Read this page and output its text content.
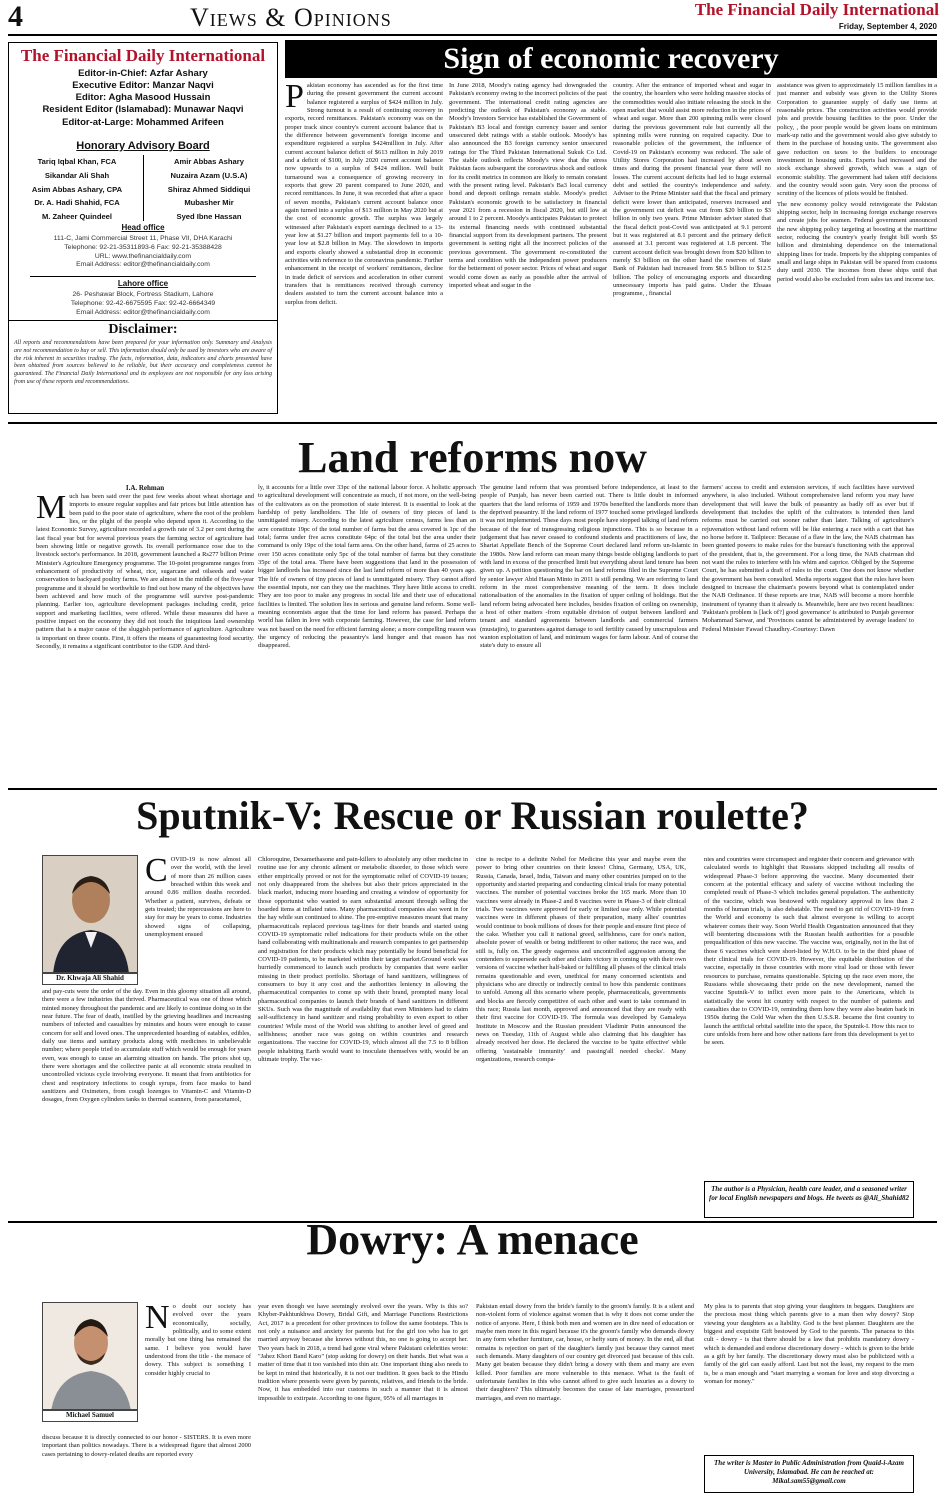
4	Views & Opinions	The Financial Daily International
Friday, September 4, 2020
The Financial Daily International
Editor-in-Chief: Azfar Ashary
Executive Editor: Manzar Naqvi
Editor: Agha Masood Hussain
Resident Editor (Islamabad): Munawar Naqvi
Editor-at-Large: Mohammed Arifeen
Honorary Advisory Board
Tariq Iqbal Khan, FCA
Sikandar Ali Shah
Asim Abbas Ashary, CPA
Dr. A. Hadi Shahid, FCA
M. Zaheer Quindeel
Amir Abbas Ashary
Nuzaira Azam (U.S.A)
Shiraz Ahmed Siddiqui
Mubasher Mir
Syed Ibne Hassan
Head office
111-C, Jami Commercial Street 11, Phase VII, DHA Karachi
Telephone: 92-21-35311893-6 Fax: 92-21-35388428
URL: www.thefinancialdaily.com
Email Address: editor@thefinancialdaily.com
Lahore office
26- Peshawar Block, Fortress Stadium, Lahore
Telephone: 92-42-6675595 Fax: 92-42-6664349
Email Address: editor@thefinancialdaily.com
Disclaimer:
All reports and recommendations have been prepared for your information only. Summary and Analysis are not recommendation to buy or sell. This information should only be used by investors who are aware of the risk inherent in securities trading. The facts, information, data, indicators and charts presented have been obtained from sources believed to be reliable, but their accuracy and completeness cannot be guaranteed. The Financial Daily International and its employees are not responsible for any loss arising from use of these reports and recommendations.
Sign of economic recovery
Pakistan economy has ascended as for the first time during the present government the current account balance registered a surplus of $424 million in July. Strong turnout is a result of continuing recovery in exports, record remittances. Pakistan's economy was on the proper track since country's current account balance that is the difference between government's foreign income and expenditure registered a surplus $424million in July. After current account balance deficit of $613 million in July 2019 and a deficit of $100, in July 2020 current account balance now upwards to a surplus of $424 million. Well built turnaround was a consequence of growing recovery in exports that grew 20 parent compared to June 2020, and record remittances. In June, it was recorded that after a space of seven months, Pakistan's current account balance once again turned into a surplus of $13 million in May 2020 but at the cost of economic growth. The surplus was largely witnessed after Pakistan's export earnings declined to a 13-year low at $1.27 billion and import payments fell to a 10-year low at $2.8 billion in May. The slowdown in imports and exports clearly showed a substantial drop in economic activities with reference to the coronavirus pandemic. Further enhancement in the receipt of workers' remittances, decline in trade deficit of services and acceleration in other current transfers that is remittances received through currency dealers assisted to turn the current account balance into a surplus from deficit.
In June 2018, Moody's rating agency had downgraded the Pakistan's economy owing to the incorrect policies of the past government. The international credit rating agencies are predicting the outlook of Pakistan's economy as stable. Moody's Investors Service has established the Government of Pakistan's B3 local and foreign currency issuer and senior unsecured debt ratings with a stable outlook. Moody's has also announced the B3 foreign currency senior unsecured ratings for The Third Pakistan International Sukuk Co Ltd. The stable outlook reflects Moody's view that the stress Pakistan faces subsequent the coronavirus shock and outlook for its credit metrics in common are likely to remain constant with the present rating level. Pakistan's Ba3 local currency bond and deposit ceilings remain stable. Moody's predict Pakistan's economic growth to be satisfactory in financial year 2021 from a recession in fiscal 2020, but still low at around 1 to 2 percent. Moody's anticipates Pakistan to protect its external financing needs with continued substantial financial support from its development partners. The present government is setting right all the incorrect policies of the previous government. The government re-constituted the terms and condition with the independent power producers for the betterment of power sector. Prices of wheat and sugar would come down as early as possible after the arrival of imported wheat and sugar in the
country. After the entrance of imported wheat and sugar in the country, the hoarders who were holding massive stocks of the commodities would also initiate releasing the stock in the open market that would assist more reduction in the prices of wheat and sugar. More than 200 spinning mills were closed during the previous government rule but currently all the spinning mills were running on required capacity. Due to reasonable policies of the government, the influence of Covid-19 on Pakistan's economy was reduced. The sale of Utility Stores Corporation had increased by about seven times and during the present financial year there will no losses. The current account deficits had led to huge external debt and settled the country's independence and safety. Adviser to the Prime Minister said that the fiscal and primary deficit were lower than anticipated, reserves increased and the government cut deficit was cut from $20 billion to $3 billion in only two years. Prime Minister adviser stated that the fiscal deficit post-Covid was anticipated at 9.1 percent but it was registered at 8.1 percent and the primary deficit assessed at 3.1 percent was registered at 1.8 percent. The current account deficit was brought down from $20 billion to merely $3 billion on the other hand the reserves of State Bank of Pakistan had increased from $8.5 billion to $12.5 billion. The policy of encouraging exports and discarding unnecessary imports has paid gains. Under the Ehsaas programme, , financial

assistance was given to approximately 15 million families in a just manner and subsidy was given to the Utility Stores Corporation to guarantee supply of daily use items at reasonable prices. The construction activities would provide jobs and provide housing facilities to the poor. Under the policy, , the poor people would be given loans on minimum mark-up ratio and the government would also give subsidy to them in the purchase of housing units. The government also gave reduction on taxes to the builders to encourage investment in housing units. Experts had increased and the stock exchange showed growth, which was a sign of economic stability. The government had taken stiff decisions and the country would soon gain. Very soon the process of scrutiny of the licences of pilots would be finished.

The new economy policy would reinvigorate the Pakistan shipping sector, help in increasing foreign exchange reserves and create jobs for seamen. Federal government announced the new shipping policy targeting at boosting at the maritime sector, reducing the country's yearly freight bill worth $5 billion and diminishing dependence on the international shipping lines for trade. Imports by the shipping companies of small and large ships in Pakistan will be spared from customs duty until 2030. The incomes from these ships until that period would also be excluded from sales tax and income tax.

Land reforms now
I.A. Rehman
M uch has been said over the past few weeks about wheat shortage and imports to ensure regular supplies and fair prices but little attention has been paid to the poor state of agriculture, where the root of the problem lies, or the plight of the people who depend upon it. According to the latest Economic Survey, agriculture recorded a growth rate of 3.2 per cent during the last fiscal year but for several previous years the farming sector of agriculture had been showing little or negative growth. Its overall performance rose due to the livestock sector's performance. In 2018, government launched a Rs277 billion Prime Minister's Agriculture Emergency programme. The 10-point programme ranges from enhancement of productivity of wheat, rice, sugarcane and oilseeds and water conservation to backyard poultry farms. We are almost in the middle of the five-year programme and it should be worthwhile to find out how many of the objectives have been achieved and how much of the programme will survive post-pandemic planning. Earlier too, agriculture development packages including credit, price support and marketing facilities, were offered. While these measures did have a positive impact on the economy they did not touch the iniquitous land ownership pattern that is a major cause of the sluggish performance of agriculture. Agriculture is important on three counts. First, it offers the means of guaranteeing food security. Secondly, it remains a significant contributor to the GDP. And third-
ly, it accounts for a little over 33pc of the national labour force. A holistic approach to agricultural development will concentrate as much, if not more, on the well-being of the cultivators as on the promotion of state interest. It is essential to look at the hardship of petty landholders. The life of owners of tiny pieces of land is unmitigated misery. According to the latest agriculture census, farms less than an acre constitute 19pc of the total number of farms but the area covered is 1pc of the total; farms under five acres constitute 64pc of the total but the area under their command is only 19pc of the total farm area. On the other hand, farms of 25 acres to over 150 acres constitute only 5pc of the total number of farms but they constitute 35pc of the total area. There have been suggestions that land in the possession of bigger landlords has increased since the last land reform of more than 40 years ago. The life of owners of tiny pieces of land is unmitigated misery. They cannot afford the essential inputs, nor can they use the machines. They have little access to credit. They are too poor to make any progress in social life and their use of educational facilities is limited. The solution lies in serious and genuine land reform. Some well-meaning economists argue that the time for land reform has passed. Perhaps the world has fallen in love with corporate farming. However, the case for land reform was not based on the need for efficient farming alone; a more compelling reason was the urgency of reducing the peasantry's land hunger and that reason has not disappeared.
The genuine land reform that was promised before independence, at least to the people of Punjab, has never been carried out. There is little doubt in informed quarters that the land reforms of 1959 and 1970s benefited the landlords more than the deprived peasantry. If the land reform of 1977 touched some privileged landlords it was not implemented. These days most people have stopped talking of land reform because of the fear of transgressing religious injunctions. This is so because in a judgement that has never ceased to confound students and practitioners of law, the Shariat Appellate Bench of the Supreme Court declared land reform un-Islamic in the 1980s. Now land reform can mean many things beside obliging landlords to part with land in excess of the prescribed limit but everything about land tenure has been given up. A petition questioning the bar on land reforms filed in the Supreme Court by senior lawyer Abid Hasan Minto in 2011 is still pending. We are referring to land reform in the most comprehensive meaning of the term. It does include rationalisation of the anomalies in the fixation of upper ceiling of holdings. But the land reform being advocated here includes, besides fixation of ceiling on ownership, a host of other matters -from equitable division of output between landlord and tenant and standard agreements between landlords and commercial farmers (mustajirs), to guarantees against damage to soil fertility caused by unscrupulous and wanton exploitation of land, and minimum wages for farm labour. And of course the state's duty to ensure all
farmers' access to credit and extension services, if such facilities have survived anywhere, is also included. Without comprehensive land reform you may have development that will leave the bulk of peasantry as badly off as ever but if development that includes the uplift of the cultivators is intended then land reforms must be carried out sooner rather than later. Talking of agriculture's rejuvenation without land reform will be like entering a race with a cart that has no horse before it. Tailpiece: Because of a flaw in the law, the NAB chairman has been granted powers to make rules for the bureau's functioning with the approval of the president, that is, the government. For a long time, the NAB chairman did not want the rules to interfere with his whim and caprice. Obliged by the Supreme Court, he has submitted a draft of rules to the court. One does not know whether the government has been consulted. Media reports suggest that the rules have been designed to increase the chairman's powers beyond what is contemplated under the NAB Ordinance. If these reports are true, NAB will become a more horrible instrument of tyranny than it already is. Meanwhile, here are two recent headlines: 'Pakistan's problem is [lack of?] good governance' is attributed to Punjab governor Mohammad Sarwar, and 'Provinces cannot be administered by average leaders' to Federal Minister Fawad Chaudhry.-Courtesy: Dawn
Sputnik-V: Rescue or Russian roulette?
Dr. Khwaja Ali Shahid
COVID-19 is now almost all over the world, with the level of more than 26 million cases breached within this week and around 0.86 million deaths recorded. Whether a patient, survives, defeats or gets treated; the repercussions are here to stay for may be years to come. Industries showed signs of collapsing, unemployment ensued
and pay-cuts were the order of the day. Even in this gloomy situation all around, there were a few industries that thrived. Pharmaceutical was one of those which minted money throughout the pandemic and are likely to continue doing so in the near future. The fear of death, instilled by the grieving headlines and increasing numbers of infected and casualties by minutes and hours were enough to cause concern for self and loved ones. The unprecedented hoarding of eatables, edibles, daily use items and sanitary products along with medicines in unbelievable number; where people tried to accumulate stuff which would be enough for years even, was enough to cause an alarming situation on hands. The prices shot up, there were shortages and the collective panic at all economic strata resulted in uncontrolled vicious cycle involving everyone. It meant that from antibiotics for chest and respiratory infections to cough syrups, from face masks to hand sanitizers and Oximeters, from cough lozenges to Vitamin-C and Vitamin-D dosages, from Oxygen cylinders tanks to thermal scanners, from paracetamol,
Chloroquine, Dexamethasone and pain-killers to absolutely any other medicine in routine use for any chronic ailment or metabolic disorder, to those which were either empirically proved or not for the symptomatic relief of COVID-19 issues; not only disappeared from the shelves but also their prices appreciated in the black market, inducing more hoarding and creating a window of opportunity for those opportunist who wanted to earn substantial amount through selling the hoarded items at inflated rates. Many pharmaceutical companies also went in for the hay while sun continued to shine. The pre-emptive measures meant that many pharmaceuticals replaced previous tag-lines for their brands and started using COVID-19 symptomatic relief indications for their products while on the other hand collaborating with multinationals and research companies to get partnership and registration for their products which may potentially be found beneficial for COVID-19 patients, to be marketed within their target market.Ground work was hurriedly commenced to launch such products by companies that were earlier missing in their product portfolio. Shortage of hand sanitizers, willingness of consumers to buy it any cost and the authorities leniency in allowing the pharmaceutical companies to come up with their brand, prompted many local pharmaceutical companies to launch their brands of hand sanitizers in different SKUs. Such was the magnitude of availability that even Ministers had to claim self-sufficiency in hand sanitizer and rising probability to even export to other countries! While most of the World was shifting to another level of greed and selfishness; another race was going on within countries and research organizations. The vaccine for COVID-19, which almost all the 7.5 to 8 billion people inhabiting Earth would want to inoculate themselves with, would be an ultimate trophy. The vac-
cine is recipe to a definite Nobel for Medicine this year and maybe even the power to bring other countries on their knees! China, Germany, USA, UK, Russia, Canada, Israel, India, Taiwan and many other countries jumped on to the opportunity and started preparing and conducting clinical trials for many potential vaccines. The number of potential vaccines broke the 165 mark. More than 10 vaccines were already in Phase-2 and 8 vaccines were in Phase-3 of their clinical trials. Two vaccines were approved for early or limited use only. While potential vaccines were in different phases of their preparation, many allies' countries would continue to book millions of doses for their people and ensure first piece of the cake. Whether you call it national greed, selfishness, care for one's nation, absolute power of wealth or being indifferent to other nations; the race was, and still is, fully on. The greedy eagerness and uncontrolled aggression among the contenders to supersede each other and claim victory in coming up with their own versions of vaccine whether half-baked or fulfilling all phases of the clinical trials remains questionable and even, unethical for many concerned scientists and physicians who are directly or indirectly central to how this pandemic continues to unfold. Among all this scenario where people, pharmaceuticals, governments and blocks are fiercely competitive of each other and want to take command in this race; Russia last month, approved and announced that they are ready with their first vaccine for COVID-19. The formula was developed by Gamaleya Institute in Moscow and the Russian president Vladimir Putin announced the news on Tuesday, 11th of August while also claiming that his daughter has already received her dose. He declared the vaccine to be 'quite effective' while offering 'sustainable immunity' and passing'all needed checks'. Many organizations, research compa-
nies and countries were circumspect and register their concern and grievance with calculated words to highlight that Russians skipped including all results of widespread Phase-3 before approving the vaccine. Many documented their concern at the potential efficacy and safety of vaccine without including the completed result of Phase-3 which includes general population. The authenticity of the vaccine, which was bestowed with regulatory approval in less than 2 months of human trials, is also debatable. The need to get rid of COVID-19 from the World and economy is such that almost everyone is willing to accept whatever comes their way. Soon World Health Organization announced that they will beentering discussions with the Russian health authorities for a possible prequalification of this new vaccine. The vaccine was, originally, not in the list of those 6 vaccines which were short-listed by W.H.O. to be in the third phase of their clinical trials for COVID-19. However, the equitable distribution of the vaccine, especially in those countries with more viral load or those with fewer resources to purchase, remains questionable. Spicing up the race even more, the Russians while showcasing their pride on the new development, named the vaccine Sputnik-V to inflict even more pain to the Americans, which is statistically the worst hit country with respect to the number of patients and casualties due to COVID-19, reminding them how they were also beaten back in 1950s during the Cold War when the then U.S.S.R. became the first country to launch the artificial orbital satellite into the space, the Sputnik-I. How this race to cure unfolds from here and how other nations fare from this development is yet to be seen.
The author is a Physician, health care leader, and a seasoned writer for local English newspapers and blogs. He tweets as @Ali_Shahid82
Dowry: A menace
Michael Samuel
No doubt our society has evolved over the years economically, socially, politically, and to some extent morally but one thing has remained the same. I believe you would have understood from the title - the menace of dowry. This subject is something I consider highly crucial to
discuss because it is directly connected to our honor - SISTERS. It is even more important than politics nowadays. There is a widespread figure that almost 2000 cases pertaining to dowry-related deaths are reported every
year even though we have seemingly evolved over the years. Why is this so? Khyber-Pakhtunkhwa Dowry, Bridal Gift, and Marriage Functions Restrictions Act, 2017 is a precedent for other provinces to follow the same footsteps. This is not only a nuisance and anxiety for parents but for the girl too who has to get married anyway because she knows without this, no one is going to accept her. Two years back in 2018, a trend had gone viral where Pakistani celebrities wrote: "Jahez Khori Band Karo" (stop asking for dowry) on their hands. But what was a matter of time that it too vanished into thin air. One important thing also needs to be kept in mind that historically, it is not our tradition. It goes back to the Hindu tradition where presents were given by parents, relatives, and friends to the bride. Now, it has embedded into our customs in such a manner that it is almost impossible to extirpate. According to one figure, 95% of all marriages in
Pakistan entail dowry from the bride's family to the groom's family. It is a silent and non-violent form of violence against women that is why it does not come under the notice of anyone. Here, I think both men and women are in dire need of education or maybe men more in this regard because it's the groom's family who demands dowry in any form whether furniture, car, house, or hefty sum of money. In the end, all that remains is rejection on part of the daughter's family just because they cannot meet such demands. Many daughters of our country get divorced just because of this cult. Many get beaten because they didn't bring a dowry with them and many are even killed. Poor families are more vulnerable to this menace. What is the fault of unfortunate families in this who cannot afford to give such luxuries as a dowry to their daughters? This ultimately becomes the cause of late marriages, pressurized marriages, and even no marriage.
My plea is to parents that stop giving your daughters in beggars. Daughters are the precious most thing which parents give to a man then why dowry? Stop viewing your daughters as a liability. God is the best planner. Daughters are the biggest and exquisite Gift bestowed by God to the parents. The panacea to this cult - dowry - is that there should be a law that prohibits mandatory dowry - which is demanded and endorse discretionary dowry - which is given to the bride as a gift by her family. The discretionary dowry must also be publicized with a family of the girl can easily afford. Last but not the least, my request to the men is, be a man enough and "start marrying a woman for love and stop divorcing a woman for money."
The writer is Master in Public Administration from Quaid-i-Azam University, Islamabad. He can be reached at: Mikal.sam55@gmail.com
